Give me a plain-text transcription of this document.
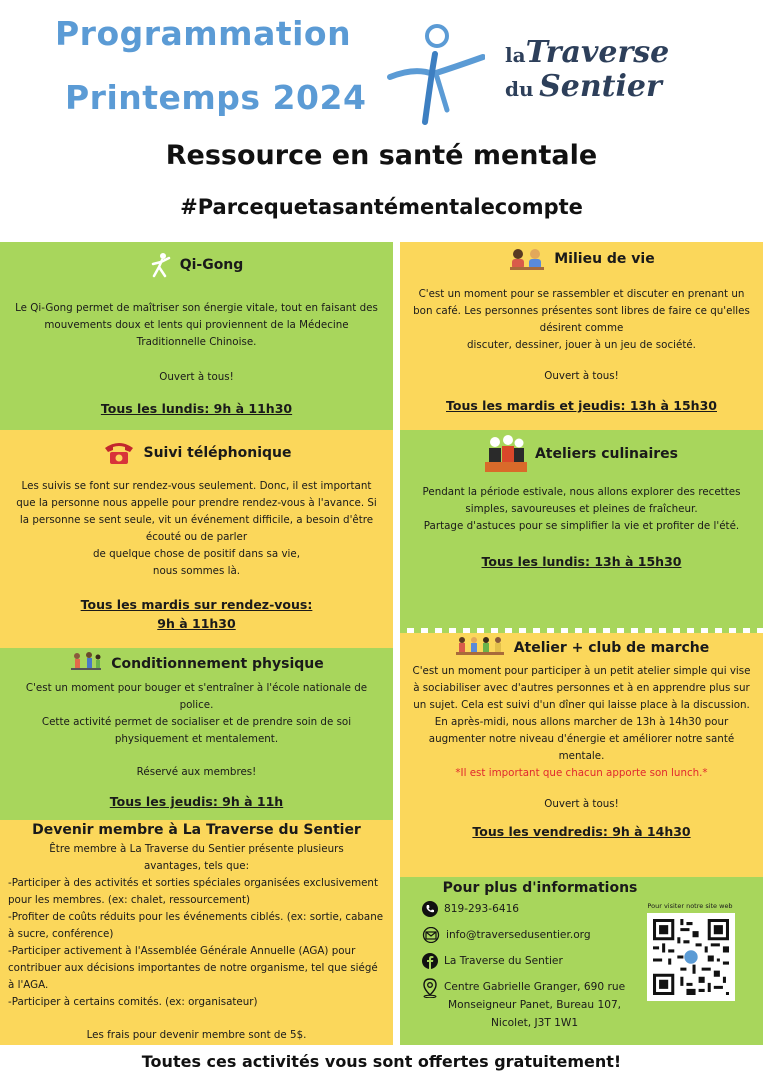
Programmation
Printemps 2024
laTraverse
du Sentier
Ressource en santé mentale
#Parcequetasantémentalecompte
Qi-Gong

Le Qi-Gong permet de maîtriser son énergie vitale, tout en faisant des mouvements doux et lents qui proviennent de la Médecine Traditionnelle Chinoise.

Ouvert à tous!

Tous les lundis: 9h à 11h30

Suivi téléphonique

Les suivis se font sur rendez-vous seulement. Donc, il est important que la personne nous appelle pour prendre rendez-vous à l'avance. Si la personne se sent seule, vit un événement difficile, a besoin d'être écouté ou de parler

de quelque chose de positif dans sa vie,

nous sommes là.

Tous les mardis sur rendez-vous:

9h à 11h30

Conditionnement physique

C'est un moment pour bouger et s'entraîner à l'école nationale de police.

Cette activité permet de socialiser et de prendre soin de soi physiquement et mentalement.

Réservé aux membres!

Tous les jeudis: 9h à 11h

Devenir membre à La Traverse du Sentier

Être membre à La Traverse du Sentier présente plusieurs avantages, tels que:

-Participer à des activités et sorties spéciales organisées exclusivement pour les membres. (ex: chalet, ressourcement)

-Profiter de coûts réduits pour les événements ciblés. (ex: sortie, cabane à sucre, conférence)

-Participer activement à l'Assemblée Générale Annuelle (AGA) pour contribuer aux décisions importantes de notre organisme, tel que siégé à l'AGA.

-Participer à certains comités. (ex: organisateur)

Les frais pour devenir membre sont de 5$.

Milieu de vie

C'est un moment pour se rassembler et discuter en prenant un bon café. Les personnes présentes sont libres de faire ce qu'elles désirent comme

discuter, dessiner, jouer à un jeu de société.

Ouvert à tous!

Tous les mardis et jeudis: 13h à 15h30

Ateliers culinaires

Pendant la période estivale, nous allons explorer des recettes simples, savoureuses et pleines de fraîcheur.

Partage d'astuces pour se simplifier la vie et profiter de l'été.

Tous les lundis: 13h à 15h30

Atelier + club de marche

C'est un moment pour participer à un petit atelier simple qui vise à sociabiliser avec d'autres personnes et à en apprendre plus sur un sujet. Cela est suivi d'un dîner qui laisse place à la discussion.

En après-midi, nous allons marcher de 13h à 14h30 pour augmenter notre niveau d'énergie et améliorer notre santé mentale.

*Il est important que chacun apporte son lunch.*

Ouvert à tous!

Tous les vendredis: 9h à 14h30

Pour plus d'informations
819-293-6416
info@traversedusentier.org
La Traverse du Sentier
Centre Gabrielle Granger, 690 rue
Monseigneur Panet, Bureau 107,
Nicolet, J3T 1W1
Pour visiter notre site web
Toutes ces activités vous sont offertes gratuitement!
